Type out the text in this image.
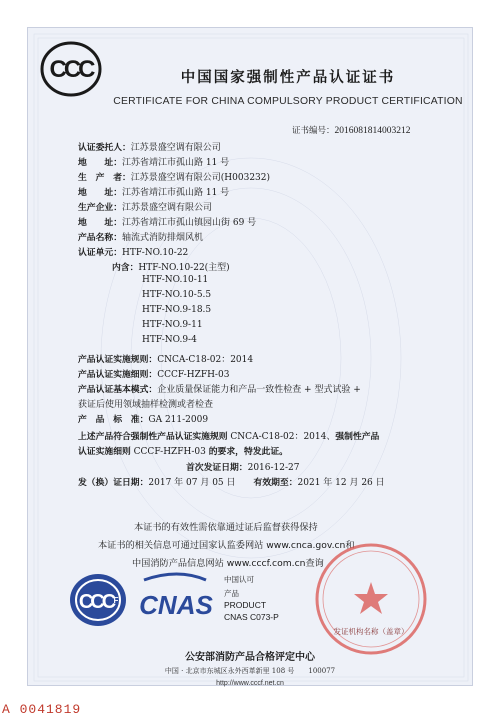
CCC	中国国家强制性产品认证证书
CERTIFICATE FOR CHINA COMPULSORY PRODUCT CERTIFICATION
证书编号：2016081814003212
认证委托人：江苏景盛空调有限公司
地　　址：江苏省靖江市孤山路 11 号
生　产　者：江苏景盛空调有限公司(H003232)
地　　址：江苏省靖江市孤山路 11 号
生产企业：江苏景盛空调有限公司
地　　址：江苏省靖江市孤山镇园山街 69 号
产品名称：轴流式消防排烟风机
认证单元：HTF-NO.10-22
内含：HTF-NO.10-22(主型)
HTF-NO.10-11
HTF-NO.10-5.5
HTF-NO.9-18.5
HTF-NO.9-11
HTF-NO.9-4
产品认证实施规则：CNCA-C18-02：2014
产品认证实施细则：CCCF-HZFH-03
产品认证基本模式：企业质量保证能力和产品一致性检查 + 型式试验 +
获证后使用领域抽样检测或者检查
产　品　标　准：GA 211-2009
上述产品符合强制性产品认证实施规则 CNCA-C18-02：2014、强制性产品
认证实施细则 CCCF-HZFH-03 的要求，特发此证。
首次发证日期：2016-12-27
发（换）证日期：2017 年 07 月 05 日 有效期至：2021 年 12 月 26 日
本证书的有效性需依靠通过证后监督获得保持
本证书的相关信息可通过国家认监委网站 www.cnca.gov.cn和
中国消防产品信息网站 www.cccf.com.cn查询
CCC F CNAS
中国认可
产品
PRODUCT
CNAS C073-P
发证机构名称（盖章）
公安部消防产品合格评定中心
中国 · 北京市东城区永外西革新里 108 号　　100077
http://www.cccf.net.cn
A 0041819
